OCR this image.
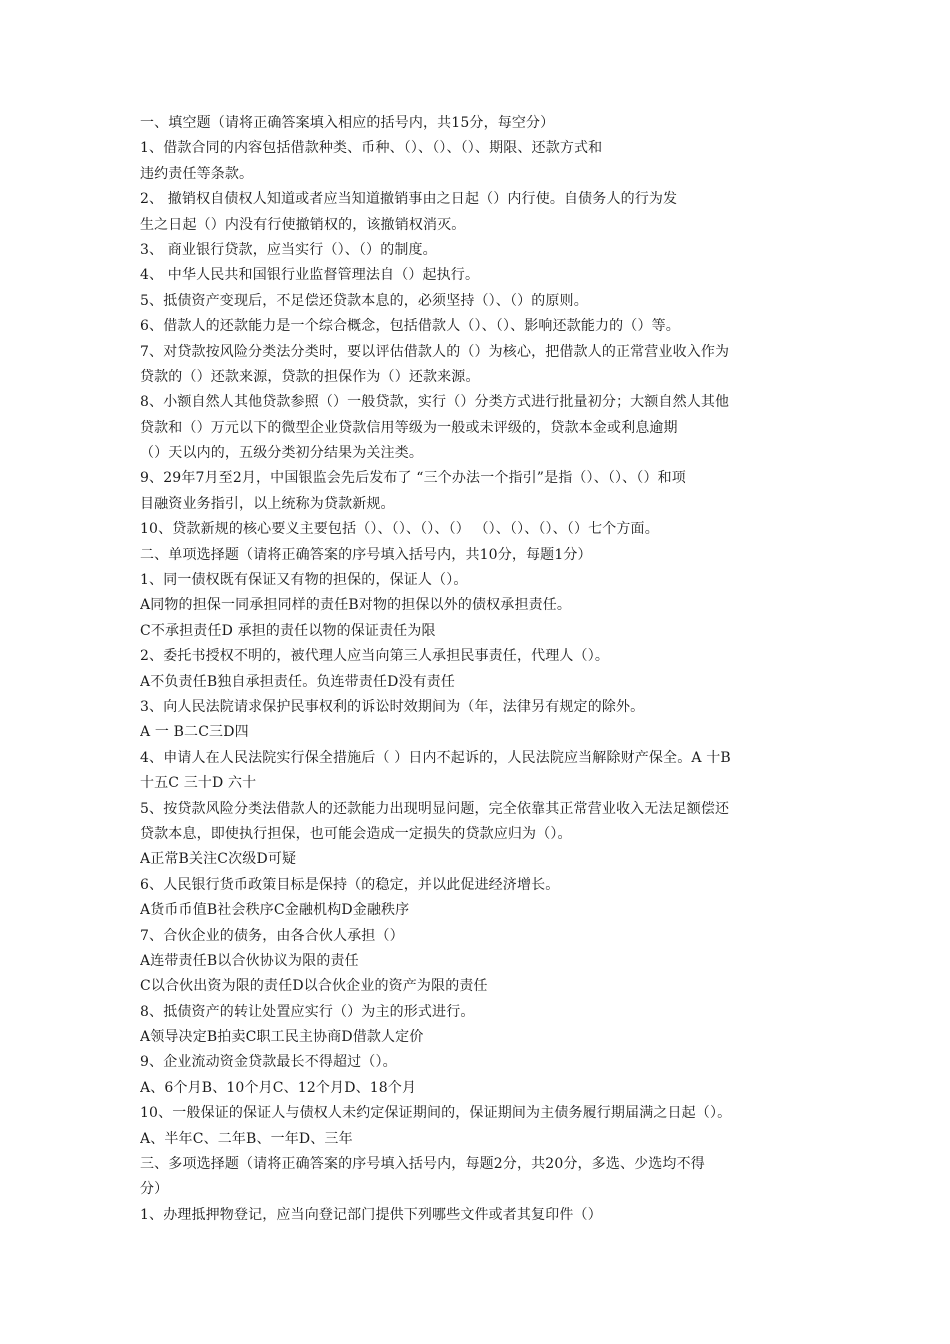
一、填空题（请将正确答案填入相应的括号内，共15分，每空分）
1、借款合同的内容包括借款种类、币种、（）、（）、（）、期限、还款方式和
违约责任等条款。
2、 撤销权自债权人知道或者应当知道撤销事由之日起（）内行使。自债务人的行为发
生之日起（）内没有行使撤销权的，该撤销权消灭。
3、 商业银行贷款，应当实行（）、（）的制度。
4、 中华人民共和国银行业监督管理法自（）起执行。
5、抵债资产变现后，不足偿还贷款本息的，必须坚持（）、（）的原则。
6、借款人的还款能力是一个综合概念，包括借款人（）、（）、影响还款能力的（）等。
7、对贷款按风险分类法分类时，要以评估借款人的（）为核心，把借款人的正常营业收入作为
贷款的（）还款来源，贷款的担保作为（）还款来源。
8、小额自然人其他贷款参照（）一般贷款，实行（）分类方式进行批量初分；大额自然人其他
贷款和（）万元以下的微型企业贷款信用等级为一般或未评级的，贷款本金或利息逾期
（）天以内的，五级分类初分结果为关注类。
9、29年7月至2月，中国银监会先后发布了 “三个办法一个指引”是指（）、（）、（）和项
目融资业务指引，以上统称为贷款新规。
10、贷款新规的核心要义主要包括（）、（）、（）、（） （）、（）、（）、（）七个方面。
二、单项选择题（请将正确答案的序号填入括号内，共10分，每题1分）
1、同一债权既有保证又有物的担保的，保证人（）。
A同物的担保一同承担同样的责任B对物的担保以外的债权承担责任。
C不承担责任D 承担的责任以物的保证责任为限
2、委托书授权不明的，被代理人应当向第三人承担民事责任，代理人（）。
A不负责任B独自承担责任。负连带责任D没有责任
3、向人民法院请求保护民事权利的诉讼时效期间为（年，法律另有规定的除外。
A 一 B二C三D四
4、申请人在人民法院实行保全措施后（ ）日内不起诉的，人民法院应当解除财产保全。A 十B
十五C 三十D 六十
5、按贷款风险分类法借款人的还款能力出现明显问题，完全依靠其正常营业收入无法足额偿还
贷款本息，即使执行担保，也可能会造成一定损失的贷款应归为（）。
A正常B关注C次级D可疑
6、人民银行货币政策目标是保持（的稳定，并以此促进经济增长。
A货币币值B社会秩序C金融机构D金融秩序
7、合伙企业的债务，由各合伙人承担（）
A连带责任B以合伙协议为限的责任
C以合伙出资为限的责任D以合伙企业的资产为限的责任
8、抵债资产的转让处置应实行（）为主的形式进行。
A领导决定B拍卖C职工民主协商D借款人定价
9、企业流动资金贷款最长不得超过（）。
A、6个月B、10个月C、12个月D、18个月
10、一般保证的保证人与债权人未约定保证期间的，保证期间为主债务履行期届满之日起（）。
A、半年C、二年B、一年D、三年
三、多项选择题（请将正确答案的序号填入括号内，每题2分，共20分，多选、少选均不得
分）
1、办理抵押物登记，应当向登记部门提供下列哪些文件或者其复印件（）
